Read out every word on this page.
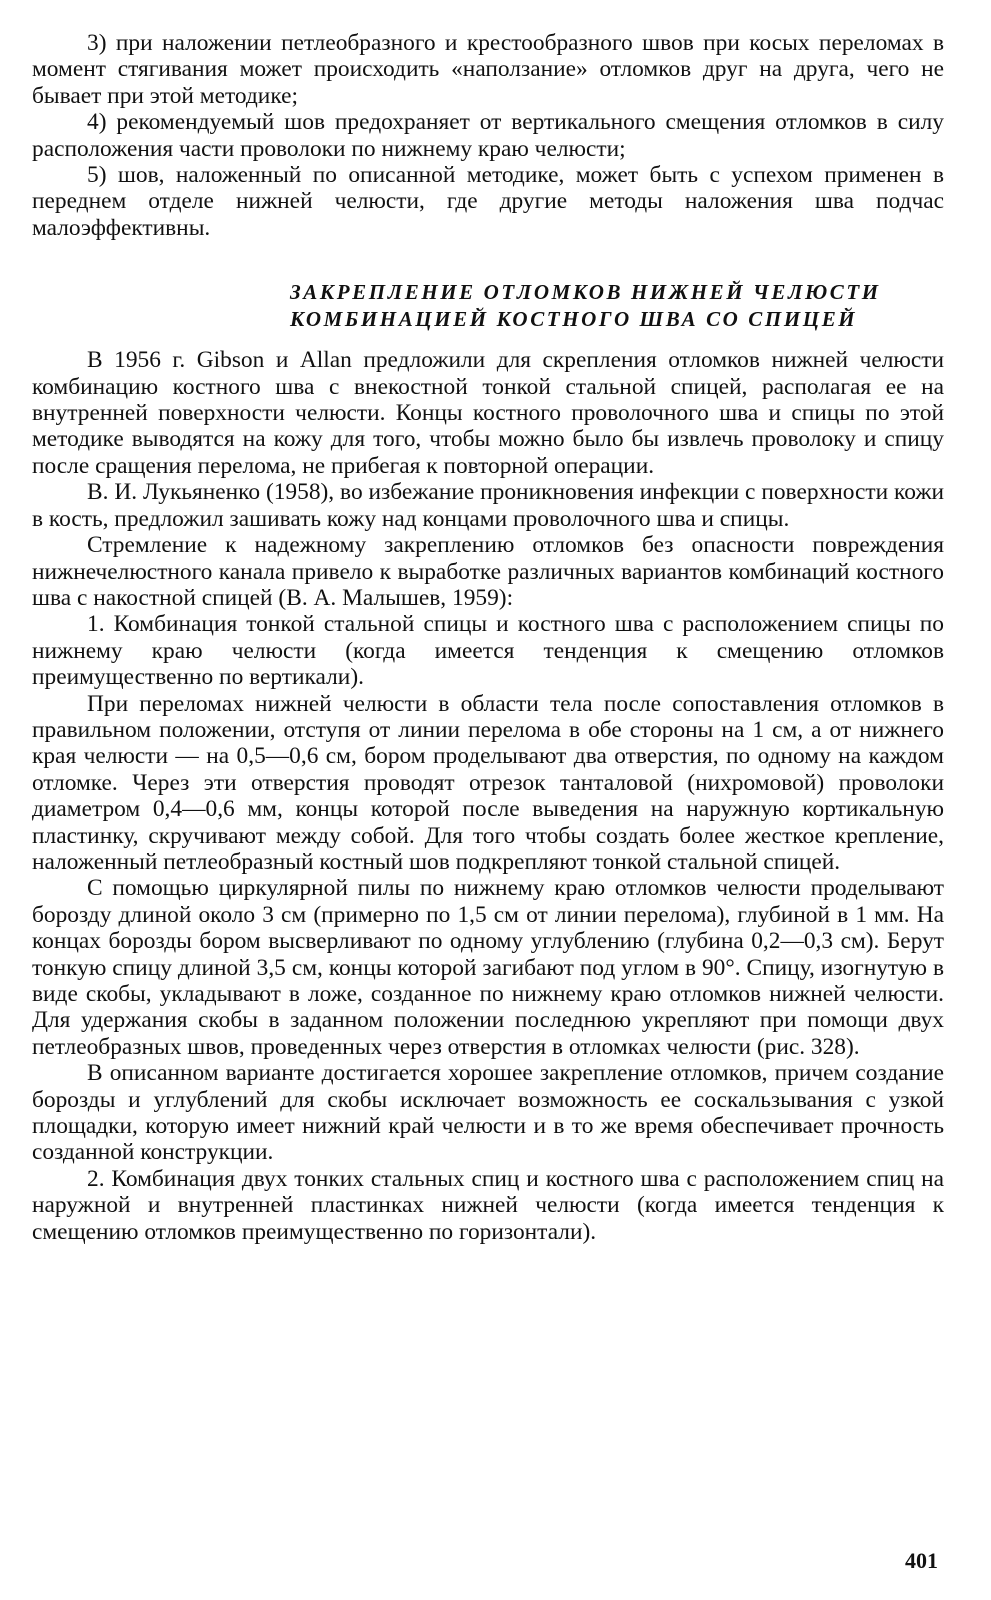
3) при наложении петлеобразного и крестообразного швов при косых переломах в момент стягивания может происходить «наползание» отломков друг на друга, чего не бывает при этой методике;

4) рекомендуемый шов предохраняет от вертикального смещения отломков в силу расположения части проволоки по нижнему краю челюсти;

5) шов, наложенный по описанной методике, может быть с успехом применен в переднем отделе нижней челюсти, где другие методы наложения шва подчас малоэффективны.

ЗАКРЕПЛЕНИЕ ОТЛОМКОВ НИЖНЕЙ ЧЕЛЮСТИ
КОМБИНАЦИЕЙ КОСТНОГО ШВА СО СПИЦЕЙ

В 1956 г. Gibson и Allan предложили для скрепления отломков нижней челюсти комбинацию костного шва с внекостной тонкой стальной спицей, располагая ее на внутренней поверхности челюсти. Концы костного проволочного шва и спицы по этой методике выводятся на кожу для того, чтобы можно было бы извлечь проволоку и спицу после сращения перелома, не прибегая к повторной операции.

В. И. Лукьяненко (1958), во избежание проникновения инфекции с поверхности кожи в кость, предложил зашивать кожу над концами проволочного шва и спицы.

Стремление к надежному закреплению отломков без опасности повреждения нижнечелюстного канала привело к выработке различных вариантов комбинаций костного шва с накостной спицей (В. А. Малышев, 1959):

1. Комбинация тонкой стальной спицы и костного шва с расположением спицы по нижнему краю челюсти (когда имеется тенденция к смещению отломков преимущественно по вертикали).

При переломах нижней челюсти в области тела после сопоставления отломков в правильном положении, отступя от линии перелома в обе стороны на 1 см, а от нижнего края челюсти — на 0,5—0,6 см, бором проделывают два отверстия, по одному на каждом отломке. Через эти отверстия проводят отрезок танталовой (нихромовой) проволоки диаметром 0,4—0,6 мм, концы которой после выведения на наружную кортикальную пластинку, скручивают между собой. Для того чтобы создать более жесткое крепление, наложенный петлеобразный костный шов подкрепляют тонкой стальной спицей.

С помощью циркулярной пилы по нижнему краю отломков челюсти проделывают борозду длиной около 3 см (примерно по 1,5 см от линии перелома), глубиной в 1 мм. На концах борозды бором высверливают по одному углублению (глубина 0,2—0,3 см). Берут тонкую спицу длиной 3,5 см, концы которой загибают под углом в 90°. Спицу, изогнутую в виде скобы, укладывают в ложе, созданное по нижнему краю отломков нижней челюсти. Для удержания скобы в заданном положении последнюю укрепляют при помощи двух петлеобразных швов, проведенных через отверстия в отломках челюсти (рис. 328).

В описанном варианте достигается хорошее закрепление отломков, причем создание борозды и углублений для скобы исключает возможность ее соскальзывания с узкой площадки, которую имеет нижний край челюсти и в то же время обеспечивает прочность созданной конструкции.

2. Комбинация двух тонких стальных спиц и костного шва с расположением спиц на наружной и внутренней пластинках нижней челюсти (когда имеется тенденция к смещению отломков преимущественно по горизонтали).

401
